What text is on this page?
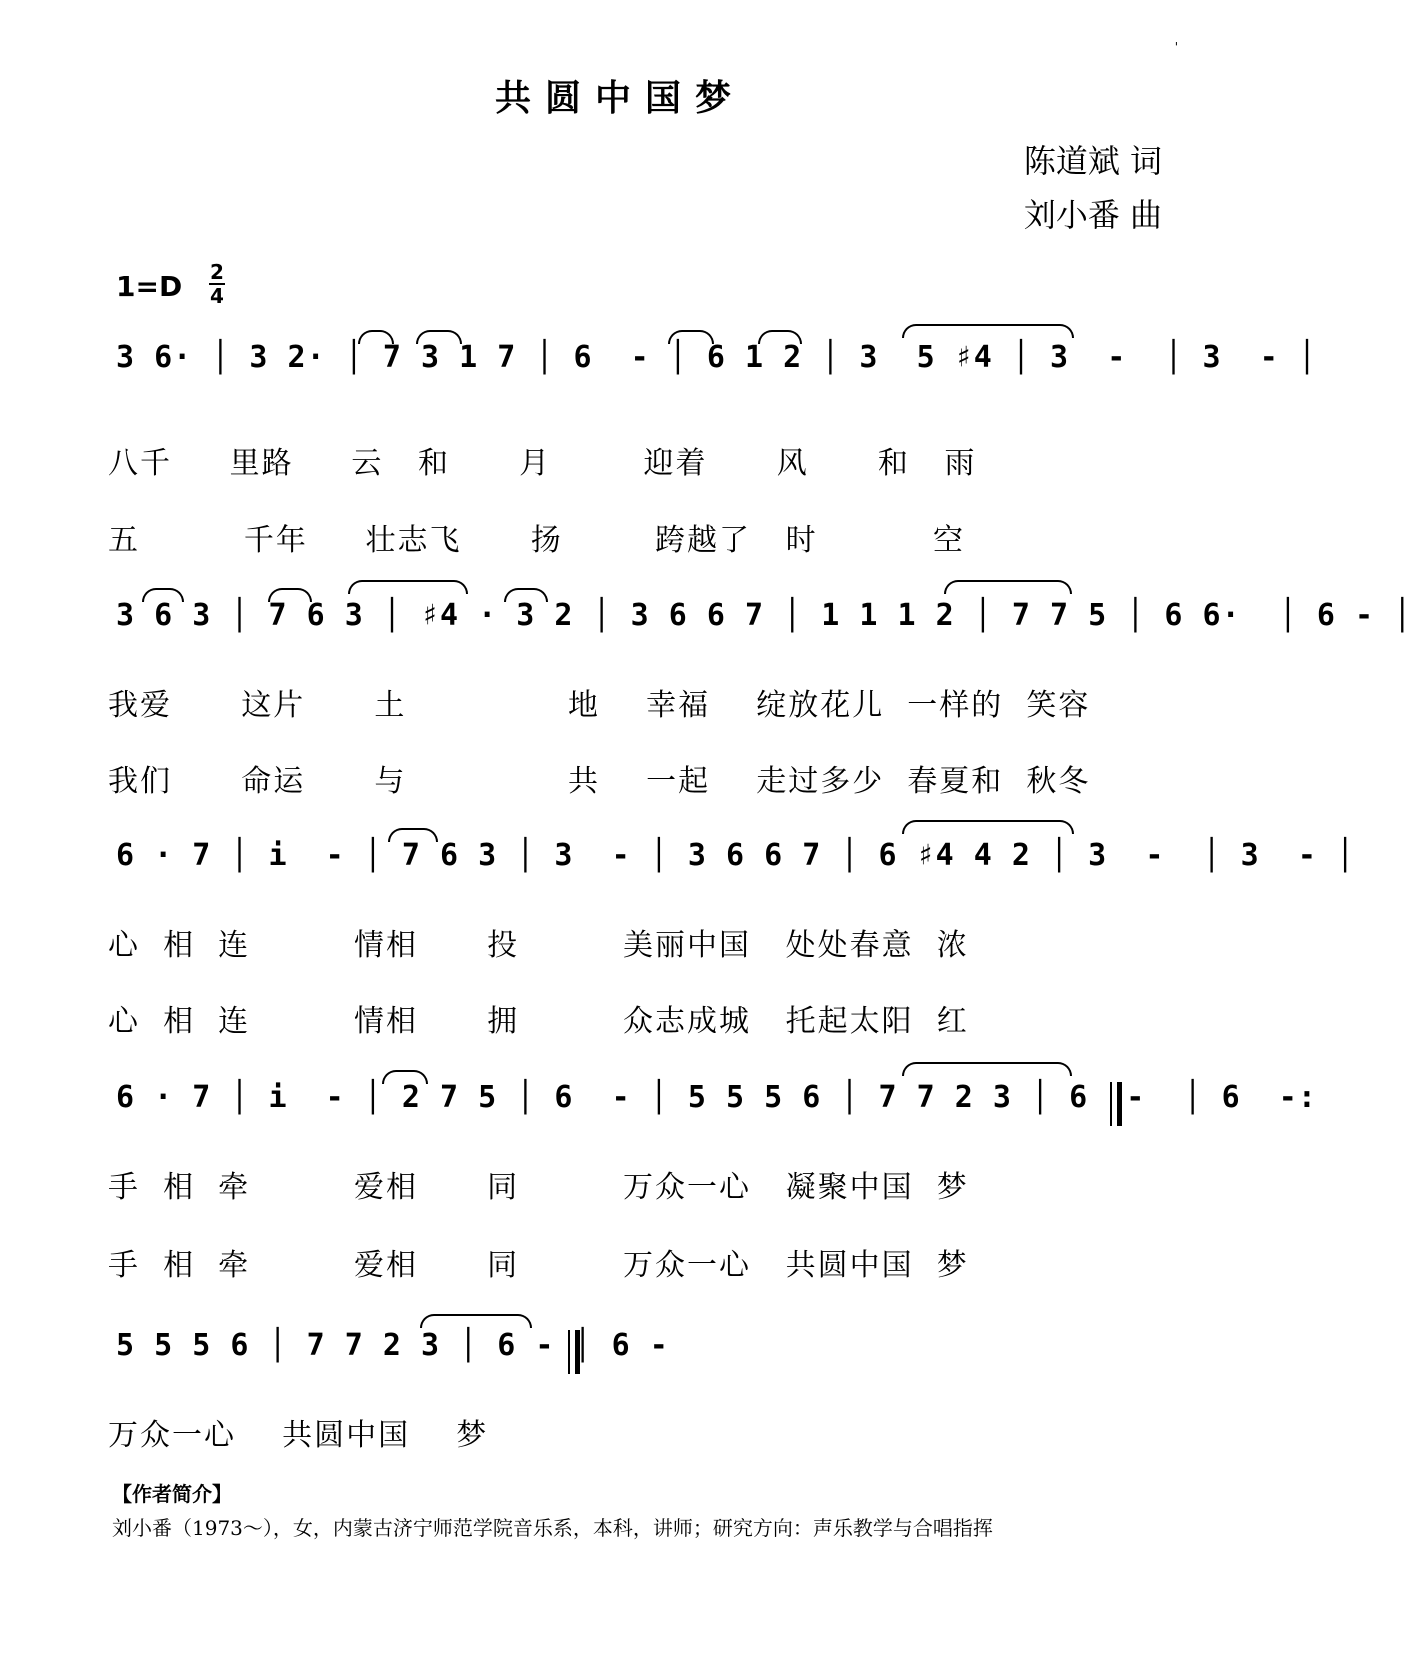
'
共圆中国梦
陈道斌 词
刘小番 曲
1=D 2
4
3 6· │ 3 2· │ 7 3 1 7 │ 6  - │ 6 1 2 │ 3  5 ♯4 │ 3  -  │ 3  - │
八千     里路     云   和      月        迎着      风      和   雨
五         千年     壮志飞      扬        跨越了   时          空
3 6 3 │ 7 6 3 │ ♯4 · 3 2 │ 3 6 6 7 │ 1 1 1 2 │ 7 7 5 │ 6 6·  │ 6 - │
我爱      这片      土              地    幸福    绽放花儿  一样的  笑容
我们      命运      与              共    一起    走过多少  春夏和  秋冬
6 · 7 │ i  - │ 7 6 3 │ 3  - │ 3 6 6 7 │ 6 ♯4 4 2 │ 3  -  │ 3  - │
心  相  连         情相      投         美丽中国   处处春意  浓
心  相  连         情相      拥         众志成城   托起太阳  红
6 · 7 │ i  - │ 2 7 5 │ 6  - │ 5 5 5 6 │ 7 7 2 3 │ 6  -  │ 6  -:
手  相  牵         爱相      同         万众一心   凝聚中国  梦
手  相  牵         爱相      同         万众一心   共圆中国  梦
5 5 5 6 │ 7 7 2 3 │ 6 - │ 6 -
万众一心    共圆中国    梦
【作者简介】
刘小番（1973～），女，内蒙古济宁师范学院音乐系，本科，讲师；研究方向：声乐教学与合唱指挥
